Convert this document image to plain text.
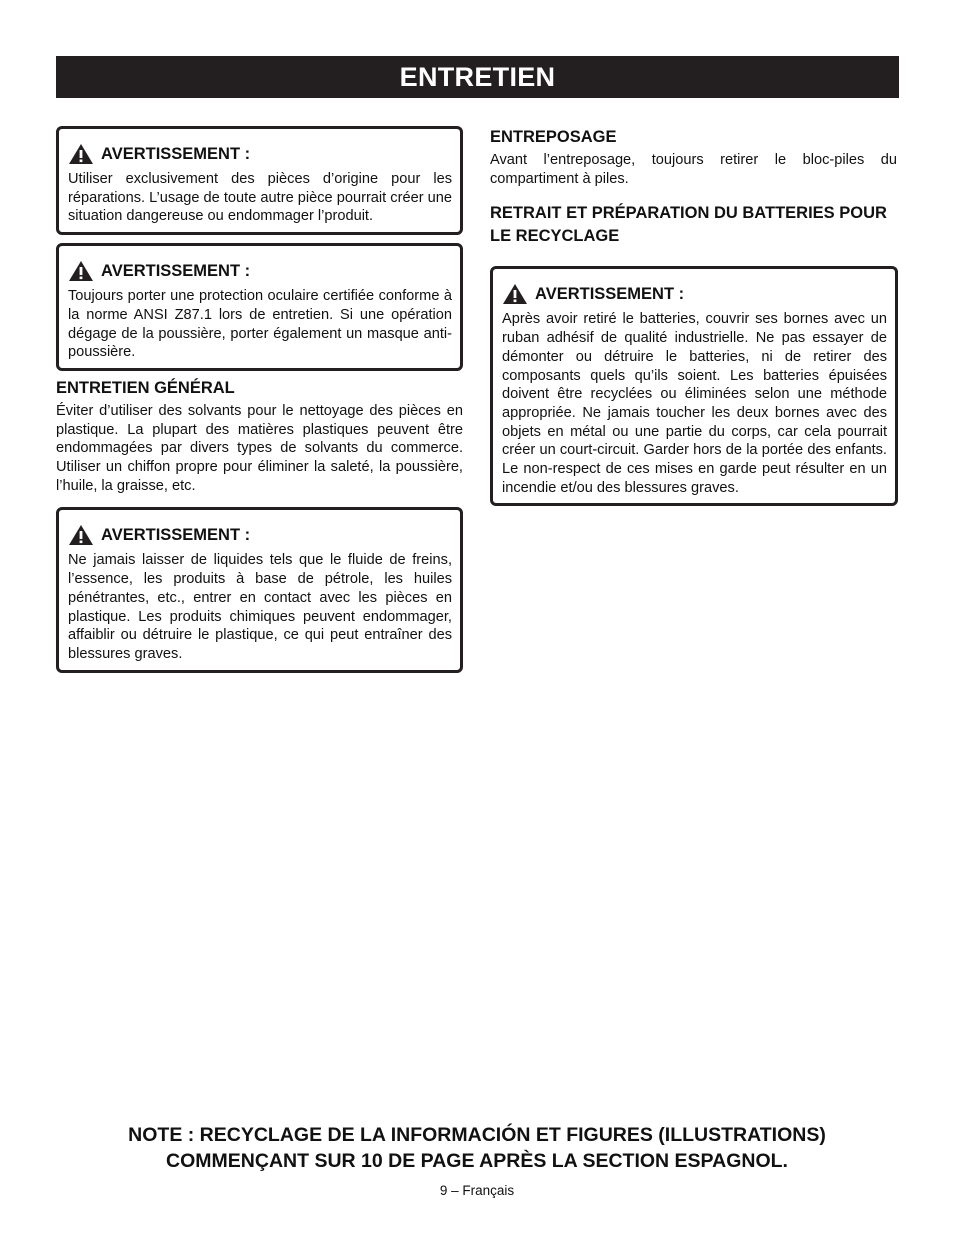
ENTRETIEN
AVERTISSEMENT :

Utiliser exclusivement des pièces d’origine pour les réparations. L’usage de toute autre pièce pourrait créer une situation dangereuse ou endommager l’produit.

AVERTISSEMENT :

Toujours porter une protection oculaire certifiée conforme à la norme ANSI Z87.1 lors de entretien. Si une opération dégage de la poussière, porter également un masque anti-poussière.

ENTRETIEN GÉNÉRAL

Éviter d’utiliser des solvants pour le nettoyage des pièces en plastique. La plupart des matières plastiques peuvent être endommagées par divers types de solvants du commerce. Utiliser un chiffon propre pour éliminer la saleté, la poussière, l’huile, la graisse, etc.

AVERTISSEMENT :

Ne jamais laisser de liquides tels que le fluide de freins, l’essence, les produits à base de pétrole, les huiles pénétrantes, etc., entrer en contact avec les pièces en plastique. Les produits chimiques peuvent endommager, affaiblir ou détruire le plastique, ce qui peut entraîner des blessures graves.

ENTREPOSAGE

Avant l’entreposage, toujours retirer le bloc-piles du compartiment à piles.

RETRAIT ET PRÉPARATION DU BATTERIES POUR LE RECYCLAGE
AVERTISSEMENT :

Après avoir retiré le batteries, couvrir ses bornes avec un ruban adhésif de qualité industrielle. Ne pas essayer de démonter ou détruire le batteries, ni de retirer des composants quels qu’ils soient. Les batteries épuisées doivent être recyclées ou éliminées selon une méthode appropriée. Ne jamais toucher les deux bornes avec des objets en métal ou une partie du corps, car cela pourrait créer un court-circuit. Garder hors de la portée des enfants. Le non-respect de ces mises en garde peut résulter en un incendie et/ou des blessures graves.

NOTE : RECYCLAGE DE LA INFORMACIÓN ET FIGURES (ILLUSTRATIONS)
COMMENÇANT SUR 10 DE PAGE APRÈS LA SECTION ESPAGNOL.
9 – Français
